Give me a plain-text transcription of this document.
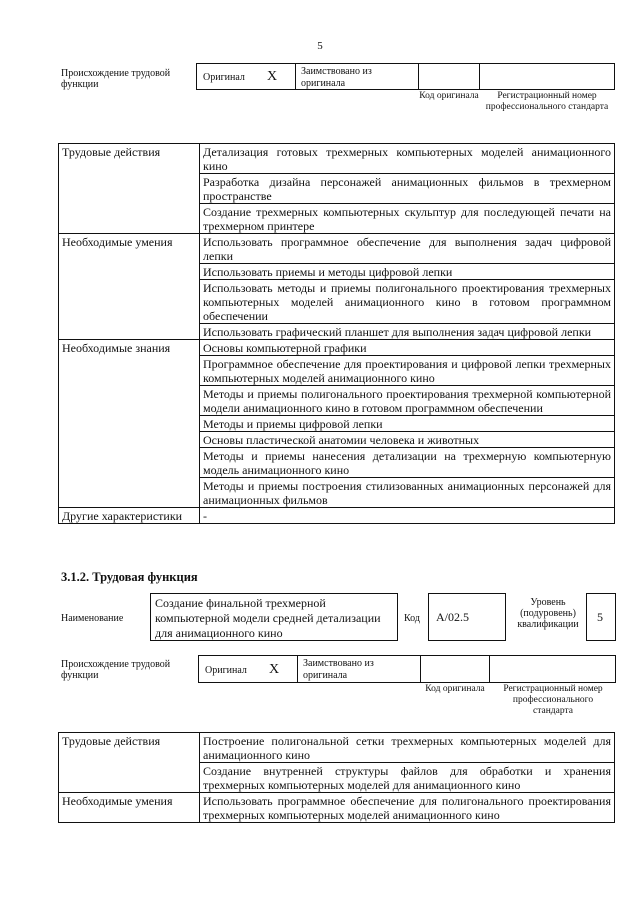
5
Происхождение трудовой функции
Оригинал X Заимствовано из оригинала
Код оригинала	Регистрационный номер профессионального стандарта
Трудовые действия	Детализация готовых трехмерных компьютерных моделей анимационного кино
	Разработка дизайна персонажей анимационных фильмов в трехмерном пространстве
	Создание трехмерных компьютерных скульптур для последующей печати на трехмерном принтере
Необходимые умения	Использовать программное обеспечение для выполнения задач цифровой лепки
	Использовать приемы и методы цифровой лепки
	Использовать методы и приемы полигонального проектирования трехмерных компьютерных моделей анимационного кино в готовом программном обеспечении
	Использовать графический планшет для выполнения задач цифровой лепки
Необходимые знания	Основы компьютерной графики
	Программное обеспечение для проектирования и цифровой лепки трехмерных компьютерных моделей анимационного кино
	Методы и приемы полигонального проектирования трехмерной компьютерной модели анимационного кино в готовом программном обеспечении
	Методы и приемы цифровой лепки
	Основы пластической анатомии человека и животных
	Методы и приемы нанесения детализации на трехмерную компьютерную модель анимационного кино
	Методы и приемы построения стилизованных анимационных персонажей для анимационных фильмов
Другие характеристики	-
3.1.2. Трудовая функция
Наименование
Создание финальной трехмерной компьютерной модели средней детализации для анимационного кино
Код A/02.5
Уровень (подуровень) квалификации
5
Происхождение трудовой функции	Оригинал X Заимствовано из оригинала
Код оригинала	Регистрационный номер профессионального стандарта
Трудовые действия	Построение полигональной сетки трехмерных компьютерных моделей для анимационного кино
	Создание внутренней структуры файлов для обработки и хранения трехмерных компьютерных моделей для анимационного кино
Необходимые умения	Использовать программное обеспечение для полигонального проектирования трехмерных компьютерных моделей анимационного кино
